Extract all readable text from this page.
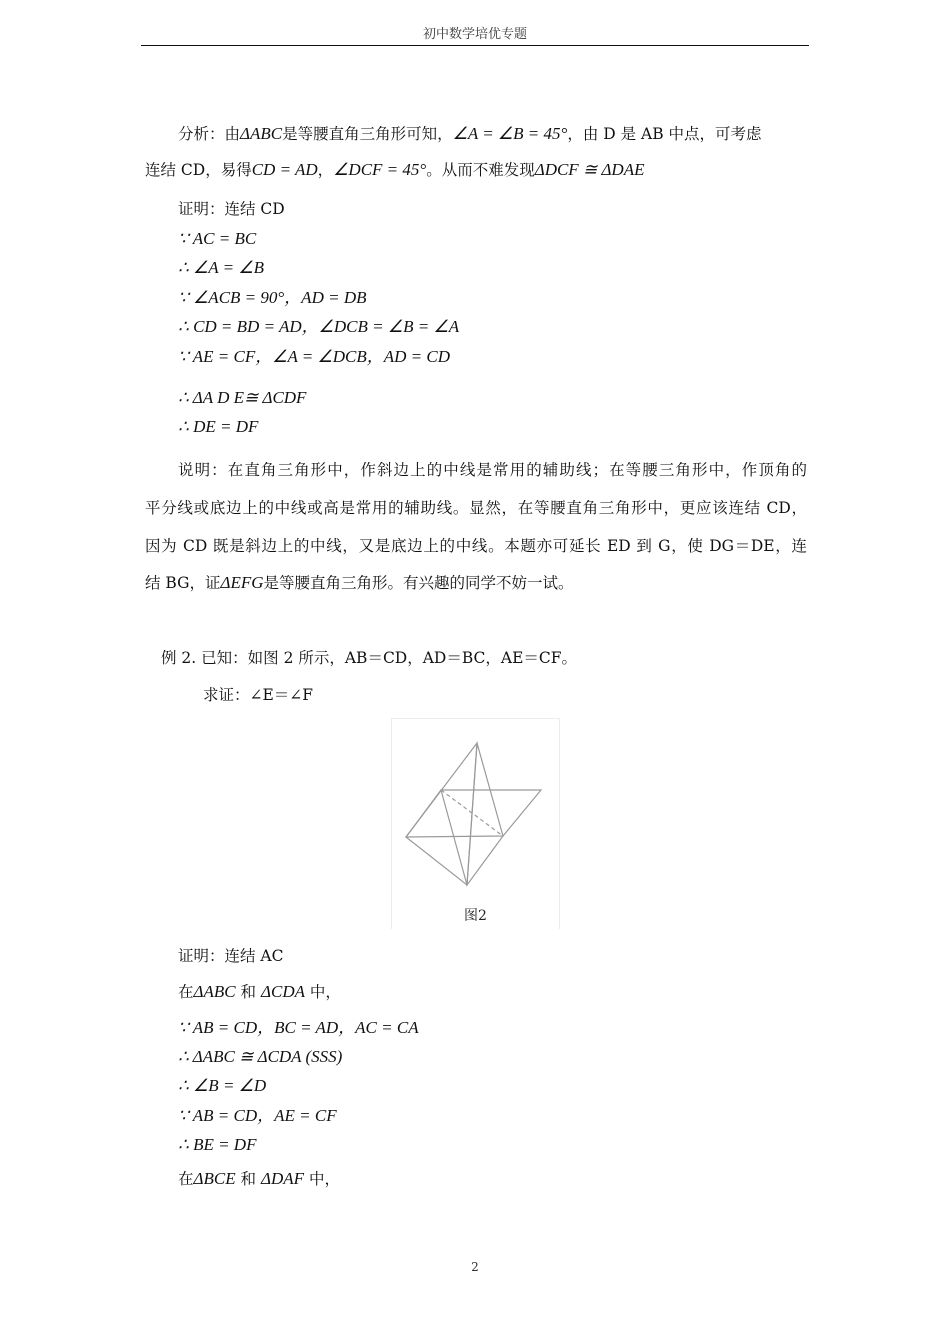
初中数学培优专题
分析：由ΔABC是等腰直角三角形可知，∠A = ∠B = 45°，由 D 是 AB 中点，可考虑
连结 CD，易得CD = AD，∠DCF = 45°。从而不难发现ΔDCF ≅ ΔDAE
证明：连结 CD
∵ AC = BC
∴ ∠A = ∠B
∵ ∠ACB = 90°，AD = DB
∴ CD = BD = AD，∠DCB = ∠B = ∠A
∵ AE = CF，∠A = ∠DCB，AD = CD
∴ ΔA D E≅ ΔCDF
∴ DE = DF
说明：在直角三角形中，作斜边上的中线是常用的辅助线；在等腰三角形中，作顶角的
平分线或底边上的中线或高是常用的辅助线。显然，在等腰直角三角形中，更应该连结 CD，
因为 CD 既是斜边上的中线，又是底边上的中线。本题亦可延长 ED 到 G，使 DG＝DE，连
结 BG，证ΔEFG是等腰直角三角形。有兴趣的同学不妨一试。
例 2. 已知：如图 2 所示，AB＝CD，AD＝BC，AE＝CF。
求证：∠E＝∠F
图2
证明：连结 AC
在ΔABC 和 ΔCDA 中，
∵ AB = CD，BC = AD，AC = CA
∴ ΔABC ≅ ΔCDA (SSS)
∴ ∠B = ∠D
∵ AB = CD，AE = CF
∴ BE = DF
在ΔBCE 和 ΔDAF 中，
2
